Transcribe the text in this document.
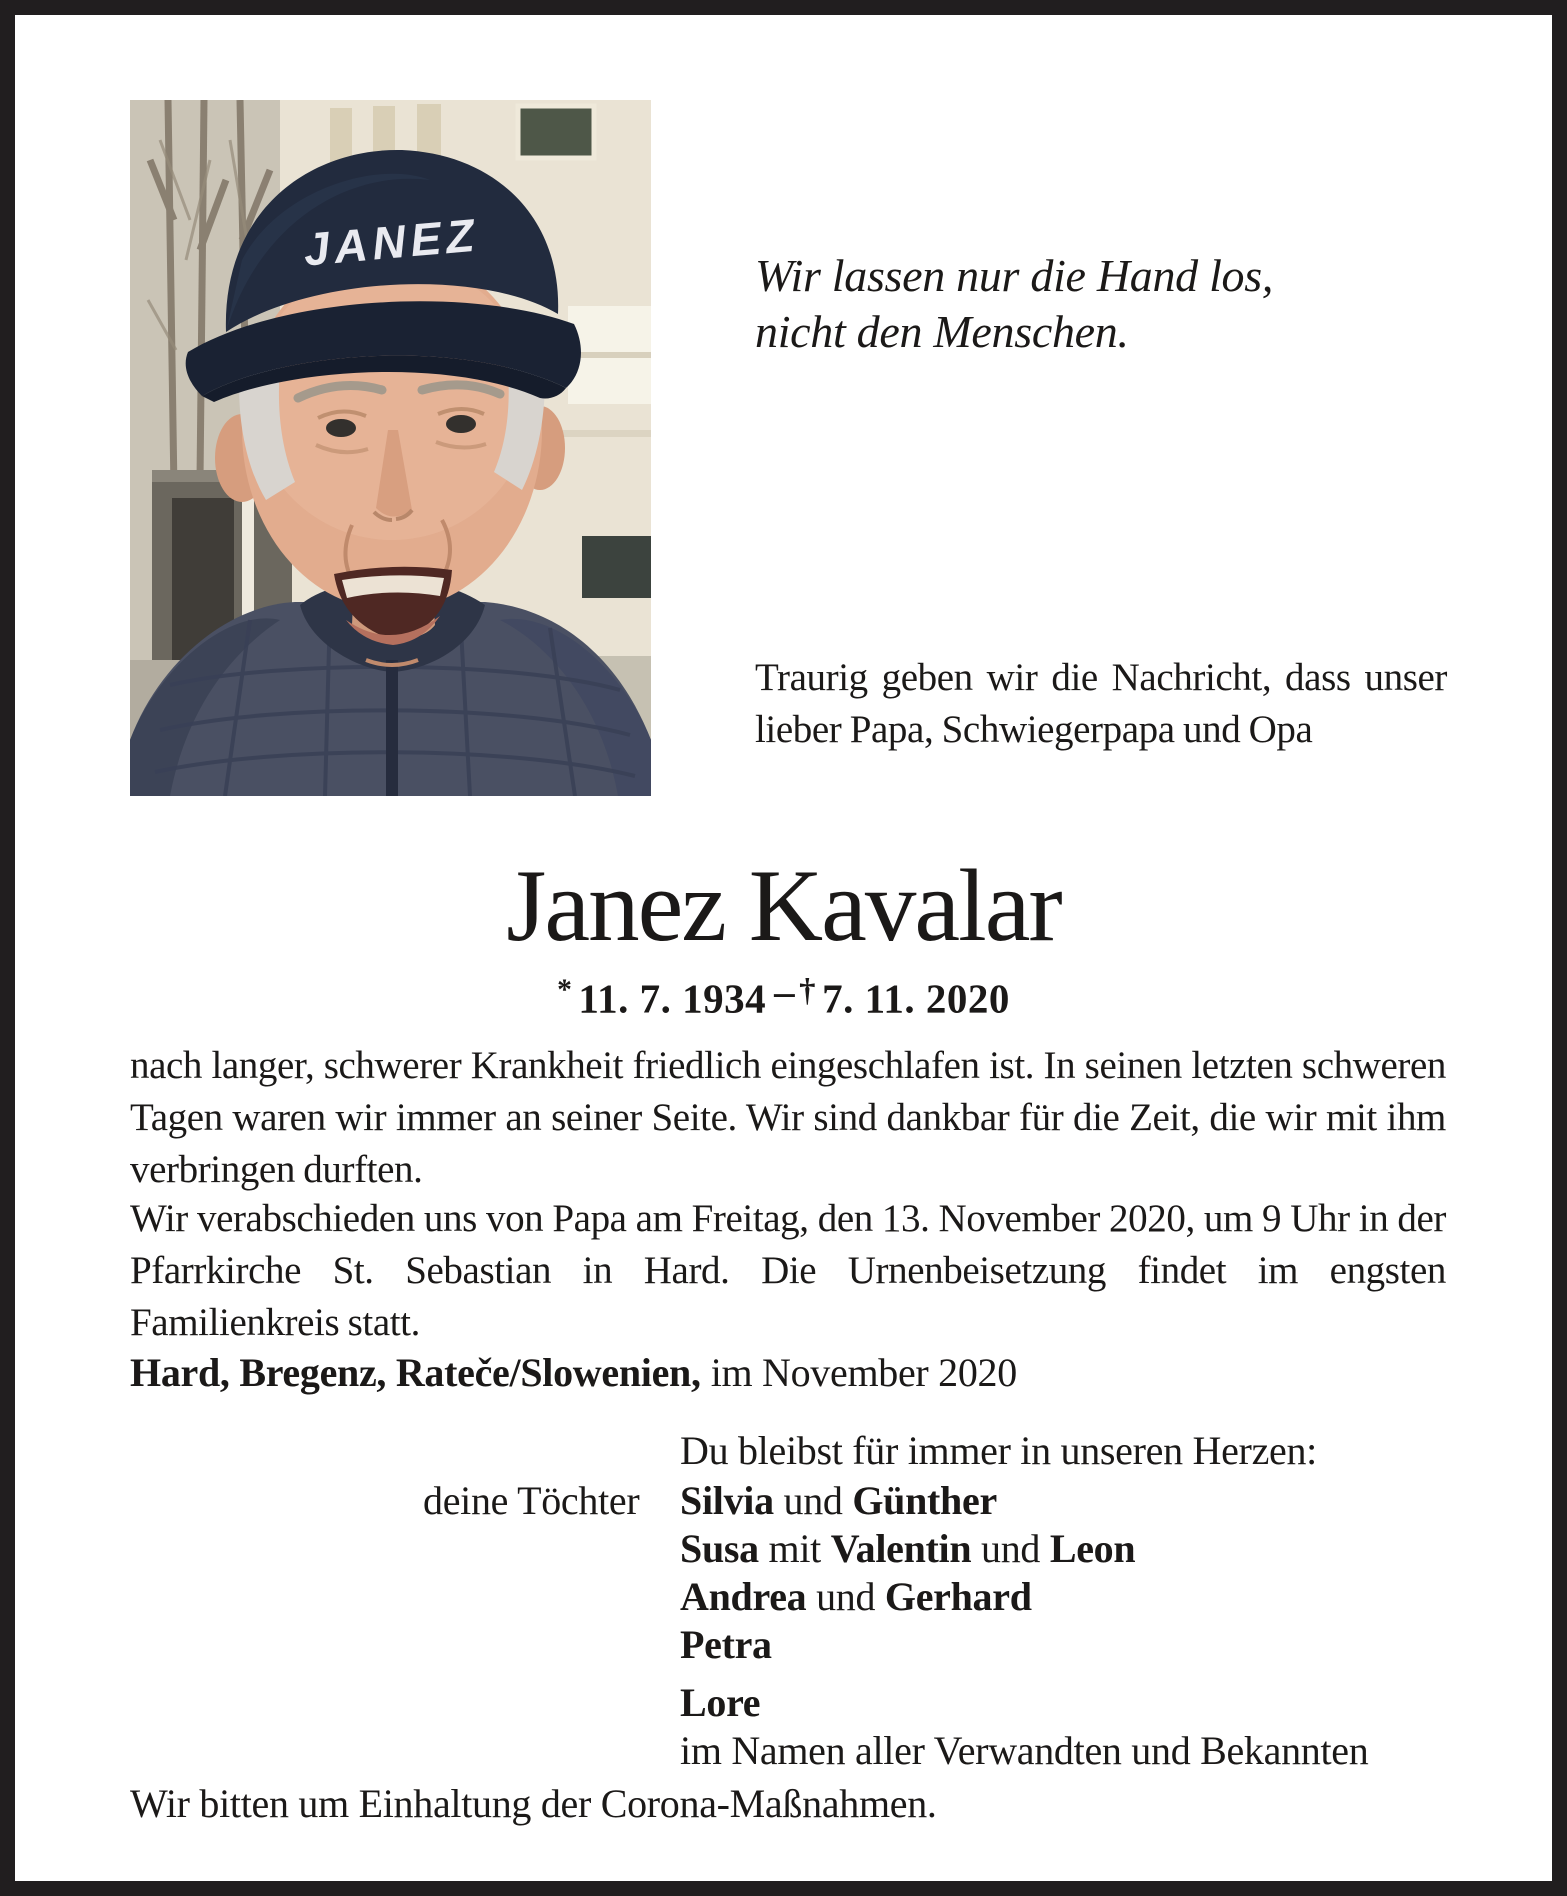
JANEZ	Wir lassen nur die Hand los,
nicht den Menschen.
Traurig geben wir die Nachricht, dass unser lieber Papa, Schwiegerpapa und Opa
Janez Kavalar
* 11. 7. 1934 – † 7. 11. 2020
nach langer, schwerer Krankheit friedlich eingeschlafen ist. In seinen letzten schweren Tagen waren wir immer an seiner Seite. Wir sind dankbar für die Zeit, die wir mit ihm verbringen durften.
Wir verabschieden uns von Papa am Freitag, den 13. November 2020, um 9 Uhr in der Pfarrkirche St. Sebastian in Hard. Die Urnenbeisetzung findet im engsten Familienkreis statt.
Hard, Bregenz, Rateče/Slowenien, im November 2020
Du bleibst für immer in unseren Herzen:
deine Töchter Silvia und Günther
Susa mit Valentin und Leon
Andrea und Gerhard
Petra
Lore
im Namen aller Verwandten und Bekannten
Wir bitten um Einhaltung der Corona-Maßnahmen.
